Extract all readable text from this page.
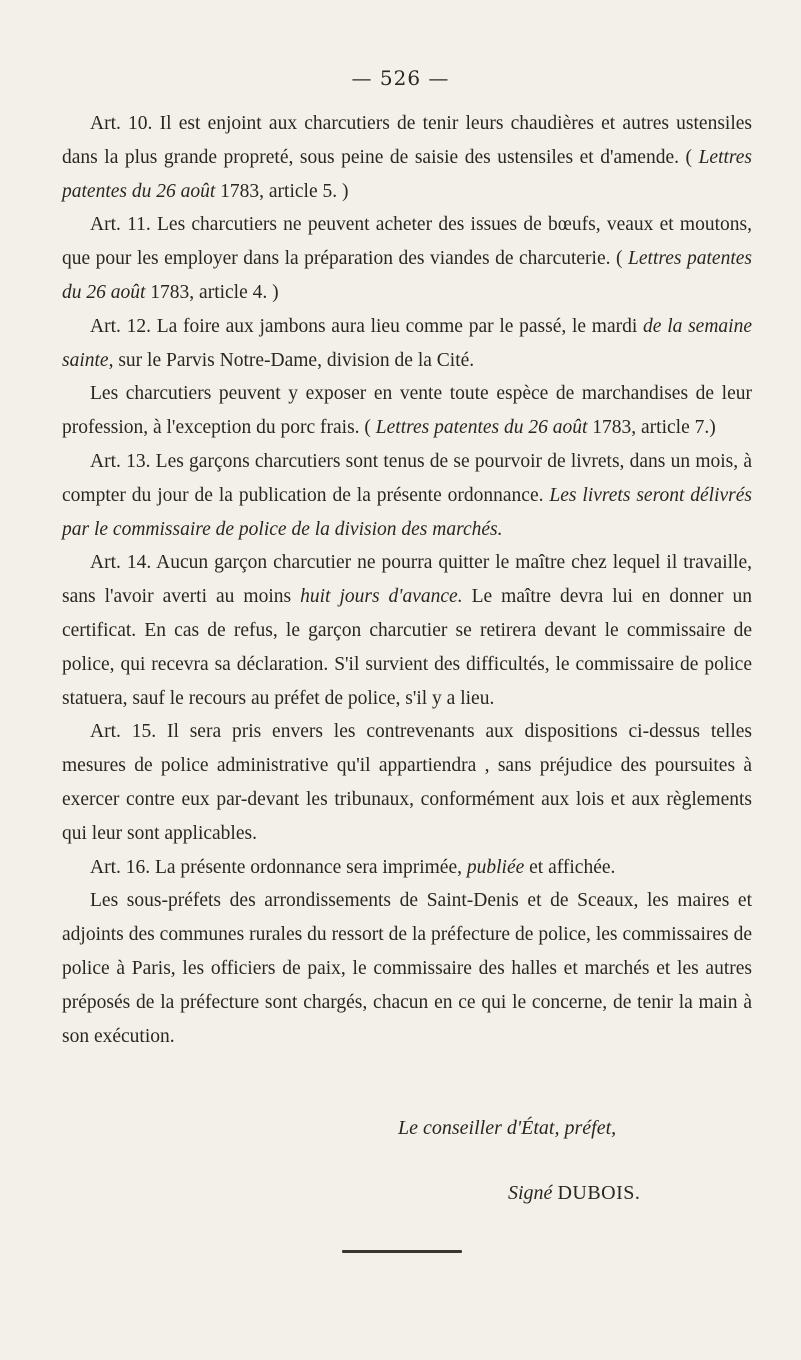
— 526 —

Art. 10. Il est enjoint aux charcutiers de tenir leurs chaudières et autres ustensiles dans la plus grande propreté, sous peine de saisie des ustensiles et d'amende. ( Lettres patentes du 26 août 1783, article 5. )

Art. 11. Les charcutiers ne peuvent acheter des issues de bœufs, veaux et moutons, que pour les employer dans la préparation des viandes de charcuterie. ( Lettres patentes du 26 août 1783, article 4. )

Art. 12. La foire aux jambons aura lieu comme par le passé, le mardi de la semaine sainte, sur le Parvis Notre-Dame, division de la Cité.

Les charcutiers peuvent y exposer en vente toute espèce de marchandises de leur profession, à l'exception du porc frais. ( Lettres patentes du 26 août 1783, article 7.)

Art. 13. Les garçons charcutiers sont tenus de se pourvoir de livrets, dans un mois, à compter du jour de la publication de la présente ordonnance. Les livrets seront délivrés par le commissaire de police de la division des marchés.

Art. 14. Aucun garçon charcutier ne pourra quitter le maître chez lequel il travaille, sans l'avoir averti au moins huit jours d'avance. Le maître devra lui en donner un certificat. En cas de refus, le garçon charcutier se retirera devant le commissaire de police, qui recevra sa déclaration. S'il survient des difficultés, le commissaire de police statuera, sauf le recours au préfet de police, s'il y a lieu.

Art. 15. Il sera pris envers les contrevenants aux dispositions ci-dessus telles mesures de police administrative qu'il appartiendra , sans préjudice des poursuites à exercer contre eux par-devant les tribunaux, conformément aux lois et aux règlements qui leur sont applicables.

Art. 16. La présente ordonnance sera imprimée, publiée et affichée.

Les sous-préfets des arrondissements de Saint-Denis et de Sceaux, les maires et adjoints des communes rurales du ressort de la préfecture de police, les commissaires de police à Paris, les officiers de paix, le commissaire des halles et marchés et les autres préposés de la préfecture sont chargés, chacun en ce qui le concerne, de tenir la main à son exécution.

Le conseiller d'État, préfet,
Signé DUBOIS.
